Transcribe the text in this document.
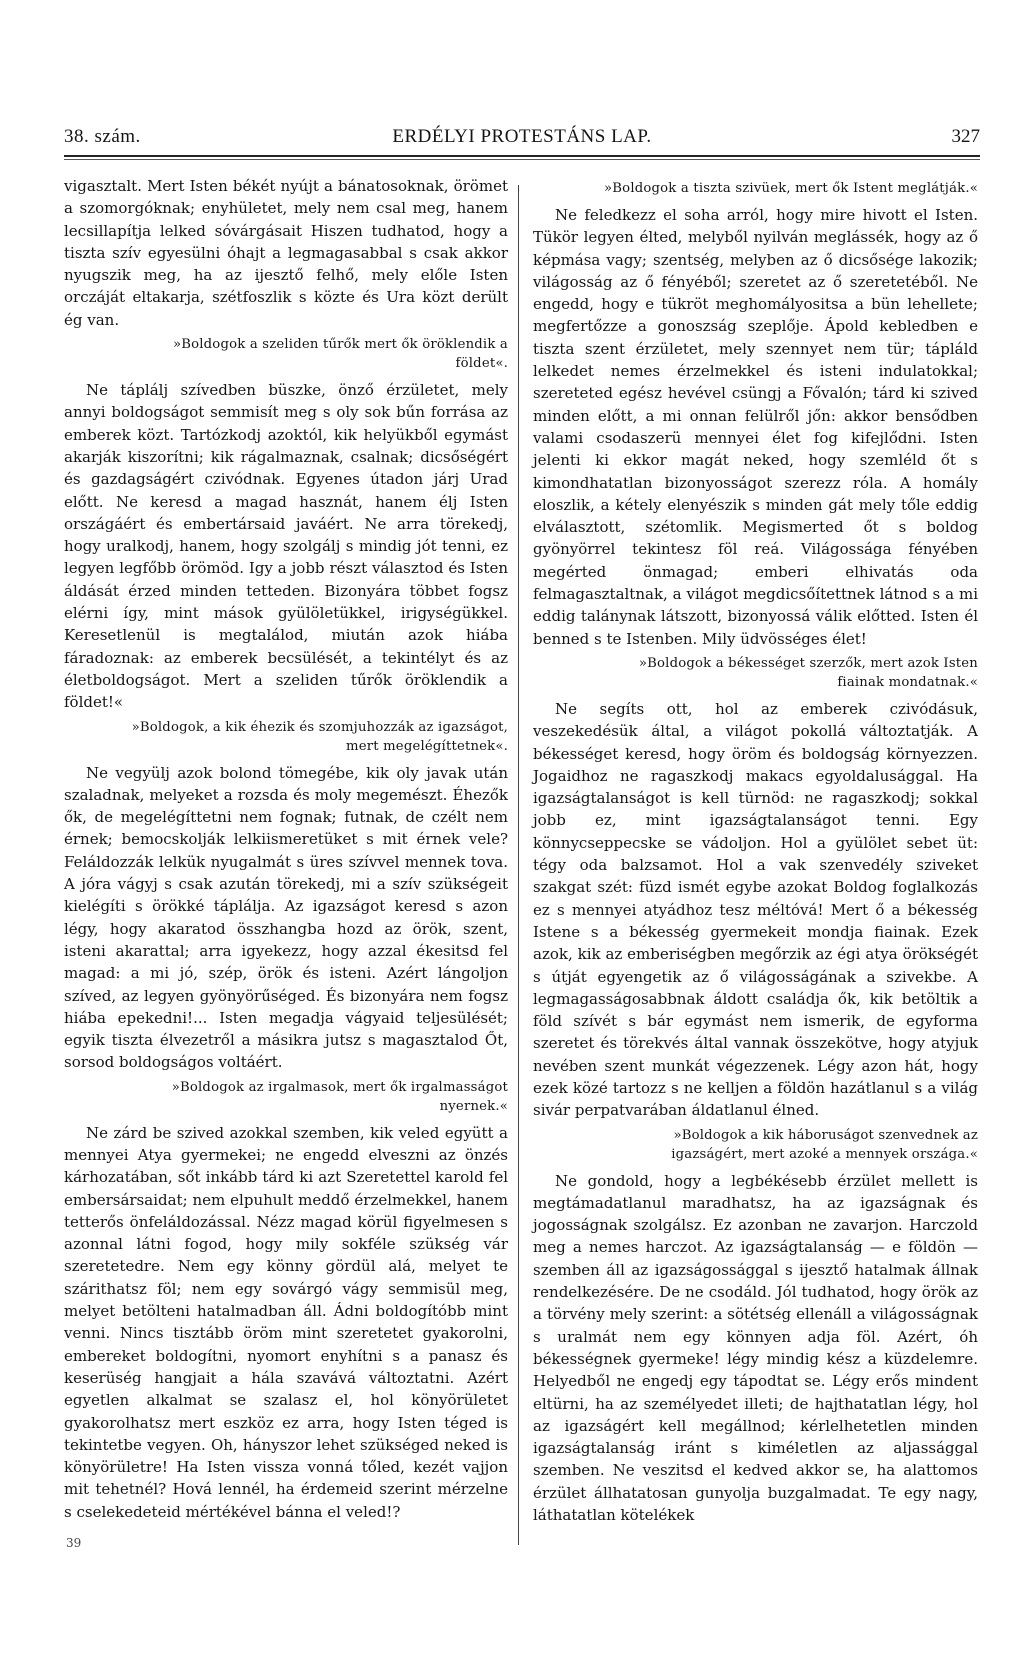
38. szám.	ERDÉLYI PROTESTÁNS LAP.	327

vigasztalt. Mert Isten békét nyújt a bánatosoknak, örömet a szomorgóknak; enyhületet, mely nem csal meg, hanem lecsillapítja lelked sóvárgásait Hiszen tudhatod, hogy a tiszta szív egyesülni óhajt a legmagasabbal s csak akkor nyugszik meg, ha az ijesztő felhő, mely előle Isten orczáját eltakarja, szétfoszlik s közte és Ura közt derült ég van.

»Boldogok a szeliden tűrők mert ők öröklendik a földet«.

Ne táplálj szívedben büszke, önző érzületet, mely annyi boldogságot semmisít meg s oly sok bűn forrása az emberek közt. Tartózkodj azoktól, kik helyükből egymást akarják kiszorítni; kik rágalmaznak, csalnak; dicsőségért és gazdagságért czivódnak. Egyenes útadon járj Urad előtt. Ne keresd a magad hasznát, hanem élj Isten országáért és embertársaid javáért. Ne arra törekedj, hogy uralkodj, hanem, hogy szolgálj s mindig jót tenni, ez legyen legfőbb örömöd. Igy a jobb részt választod és Isten áldását érzed minden tetteden. Bizonyára többet fogsz elérni így, mint mások gyülöletükkel, irigységükkel. Keresetlenül is megtalálod, miután azok hiába fáradoznak: az emberek becsülését, a tekintélyt és az életboldogságot. Mert a szeliden tűrők öröklendik a földet!«

»Boldogok, a kik éhezik és szomjuhozzák az igazságot, mert megelégíttetnek«.

Ne vegyülj azok bolond tömegébe, kik oly javak után szaladnak, melyeket a rozsda és moly megemészt. Éhezők ők, de megelégíttetni nem fognak; futnak, de czélt nem érnek; bemocskolják lelkiismeretüket s mit érnek vele? Feláldozzák lelkük nyugalmát s üres szívvel mennek tova. A jóra vágyj s csak azután törekedj, mi a szív szükségeit kielégíti s örökké táplálja. Az igazságot keresd s azon légy, hogy akaratod összhangba hozd az örök, szent, isteni akarattal; arra igyekezz, hogy azzal ékesitsd fel magad: a mi jó, szép, örök és isteni. Azért lángoljon szíved, az legyen gyönyörűséged. És bizonyára nem fogsz hiába epekedni!... Isten megadja vágyaid teljesülését; egyik tiszta élvezetről a másikra jutsz s magasztalod Őt, sorsod boldogságos voltáért.

»Boldogok az irgalmasok, mert ők irgalmasságot nyernek.«

Ne zárd be szived azokkal szemben, kik veled együtt a mennyei Atya gyermekei; ne engedd elveszni az önzés kárhozatában, sőt inkább tárd ki azt Szeretettel karold fel embersársaidat; nem elpuhult meddő érzelmekkel, hanem tetterős önfeláldozással. Nézz magad körül figyelmesen s azonnal látni fogod, hogy mily sokféle szükség vár szeretetedre. Nem egy könny gördül alá, melyet te szárithatsz föl; nem egy sovárgó vágy semmisül meg, melyet betölteni hatalmadban áll. Ádni boldogítóbb mint venni. Nincs tisztább öröm mint szeretetet gyakorolni, embereket boldogítni, nyomort enyhítni s a panasz és keserüség hangjait a hála szavává változtatni. Azért egyetlen alkalmat se szalasz el, hol könyörületet gyakorolhatsz mert eszköz ez arra, hogy Isten téged is tekintetbe vegyen. Oh, hányszor lehet szükséged neked is könyörületre! Ha Isten vissza vonná tőled, kezét vajjon mit tehetnél? Hová lennél, ha érdemeid szerint mérzelne s cselekedeteid mértékével bánna el veled!?

»Boldogok a tiszta szivüek, mert ők Istent meglátják.«

Ne feledkezz el soha arról, hogy mire hivott el Isten. Tükör legyen élted, melyből nyilván meglássék, hogy az ő képmása vagy; szentség, melyben az ő dicsősége lakozik; világosság az ő fényéből; szeretet az ő szeretetéből. Ne engedd, hogy e tükröt meghomályositsa a bün lehellete; megfertőzze a gonoszság szeplője. Ápold kebledben e tiszta szent érzületet, mely szennyet nem tür; tápláld lelkedet nemes érzelmekkel és isteni indulatokkal; szereteted egész hevével csüngj a Fővalón; tárd ki szived minden előtt, a mi onnan felülről jőn: akkor bensődben valami csodaszerü mennyei élet fog kifejlődni. Isten jelenti ki ekkor magát neked, hogy szemléld őt s kimondhatatlan bizonyosságot szerezz róla. A homály eloszlik, a kétely elenyészik s minden gát mely tőle eddig elválasztott, szétomlik. Megismerted őt s boldog gyönyörrel tekintesz föl reá. Világossága fényében megérted önmagad; emberi elhivatás oda felmagasztaltnak, a világot megdicsőítettnek látnod s a mi eddig talánynak látszott, bizonyossá válik előtted. Isten él benned s te Istenben. Mily üdvösséges élet!

»Boldogok a békességet szerzők, mert azok Isten fiainak mondatnak.«

Ne segíts ott, hol az emberek czivódásuk, veszekedésük által, a világot pokollá változtatják. A békességet keresd, hogy öröm és boldogság környezzen. Jogaidhoz ne ragaszkodj makacs egyoldalusággal. Ha igazságtalanságot is kell türnöd: ne ragaszkodj; sokkal jobb ez, mint igazságtalanságot tenni. Egy könnycseppecske se vádoljon. Hol a gyülölet sebet üt: tégy oda balzsamot. Hol a vak szenvedély sziveket szakgat szét: füzd ismét egybe azokat Boldog foglalkozás ez s mennyei atyádhoz tesz méltóvá! Mert ő a békesség Istene s a békesség gyermekeit mondja fiainak. Ezek azok, kik az emberiségben megőrzik az égi atya örökségét s útját egyengetik az ő világosságának a szivekbe. A legmagasságosabbnak áldott családja ők, kik betöltik a föld szívét s bár egymást nem ismerik, de egyforma szeretet és törekvés által vannak összekötve, hogy atyjuk nevében szent munkát végezzenek. Légy azon hát, hogy ezek közé tartozz s ne kelljen a földön hazátlanul s a világ sivár perpatvarában áldatlanul élned.

»Boldogok a kik háboruságot szenvednek az igazságért, mert azoké a mennyek országa.«

Ne gondold, hogy a legbékésebb érzület mellett is megtámadatlanul maradhatsz, ha az igazságnak és jogosságnak szolgálsz. Ez azonban ne zavarjon. Harczold meg a nemes harczot. Az igazságtalanság — e földön — szemben áll az igazságossággal s ijesztő hatalmak állnak rendelkezésére. De ne csodáld. Jól tudhatod, hogy örök az a törvény mely szerint: a sötétség ellenáll a világosságnak s uralmát nem egy könnyen adja föl. Azért, óh békességnek gyermeke! légy mindig kész a küzdelemre. Helyedből ne engedj egy tápodtat se. Légy erős mindent eltürni, ha az személyedet illeti; de hajthatatlan légy, hol az igazságért kell megállnod; kérlelhetetlen minden igazságtalanság iránt s kiméletlen az aljassággal szemben. Ne veszitsd el kedved akkor se, ha alattomos érzület állhatatosan gunyolja buzgalmadat. Te egy nagy, láthatatlan kötelékek

39
